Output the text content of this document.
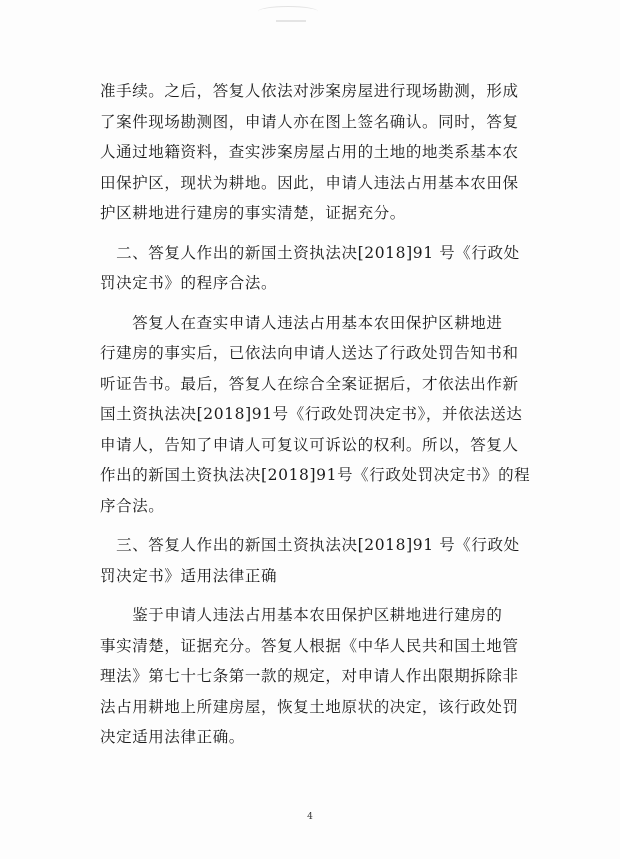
准手续。之后，答复人依法对涉案房屋进行现场勘测，形成
了案件现场勘测图，申请人亦在图上签名确认。同时，答复
人通过地籍资料，查实涉案房屋占用的土地的地类系基本农
田保护区，现状为耕地。因此，申请人违法占用基本农田保
护区耕地进行建房的事实清楚，证据充分。
　二、答复人作出的新国土资执法决[2018]91 号《行政处
罚决定书》的程序合法。
　　答复人在查实申请人违法占用基本农田保护区耕地进
行建房的事实后，已依法向申请人送达了行政处罚告知书和
听证告书。最后，答复人在综合全案证据后，才依法出作新
国土资执法决[2018]91号《行政处罚决定书》，并依法送达
申请人，告知了申请人可复议可诉讼的权利。所以，答复人
作出的新国土资执法决[2018]91号《行政处罚决定书》的程
序合法。
　三、答复人作出的新国土资执法决[2018]91 号《行政处
罚决定书》适用法律正确
　　鉴于申请人违法占用基本农田保护区耕地进行建房的
事实清楚，证据充分。答复人根据《中华人民共和国土地管
理法》第七十七条第一款的规定，对申请人作出限期拆除非
法占用耕地上所建房屋，恢复土地原状的决定，该行政处罚
决定适用法律正确。
4
